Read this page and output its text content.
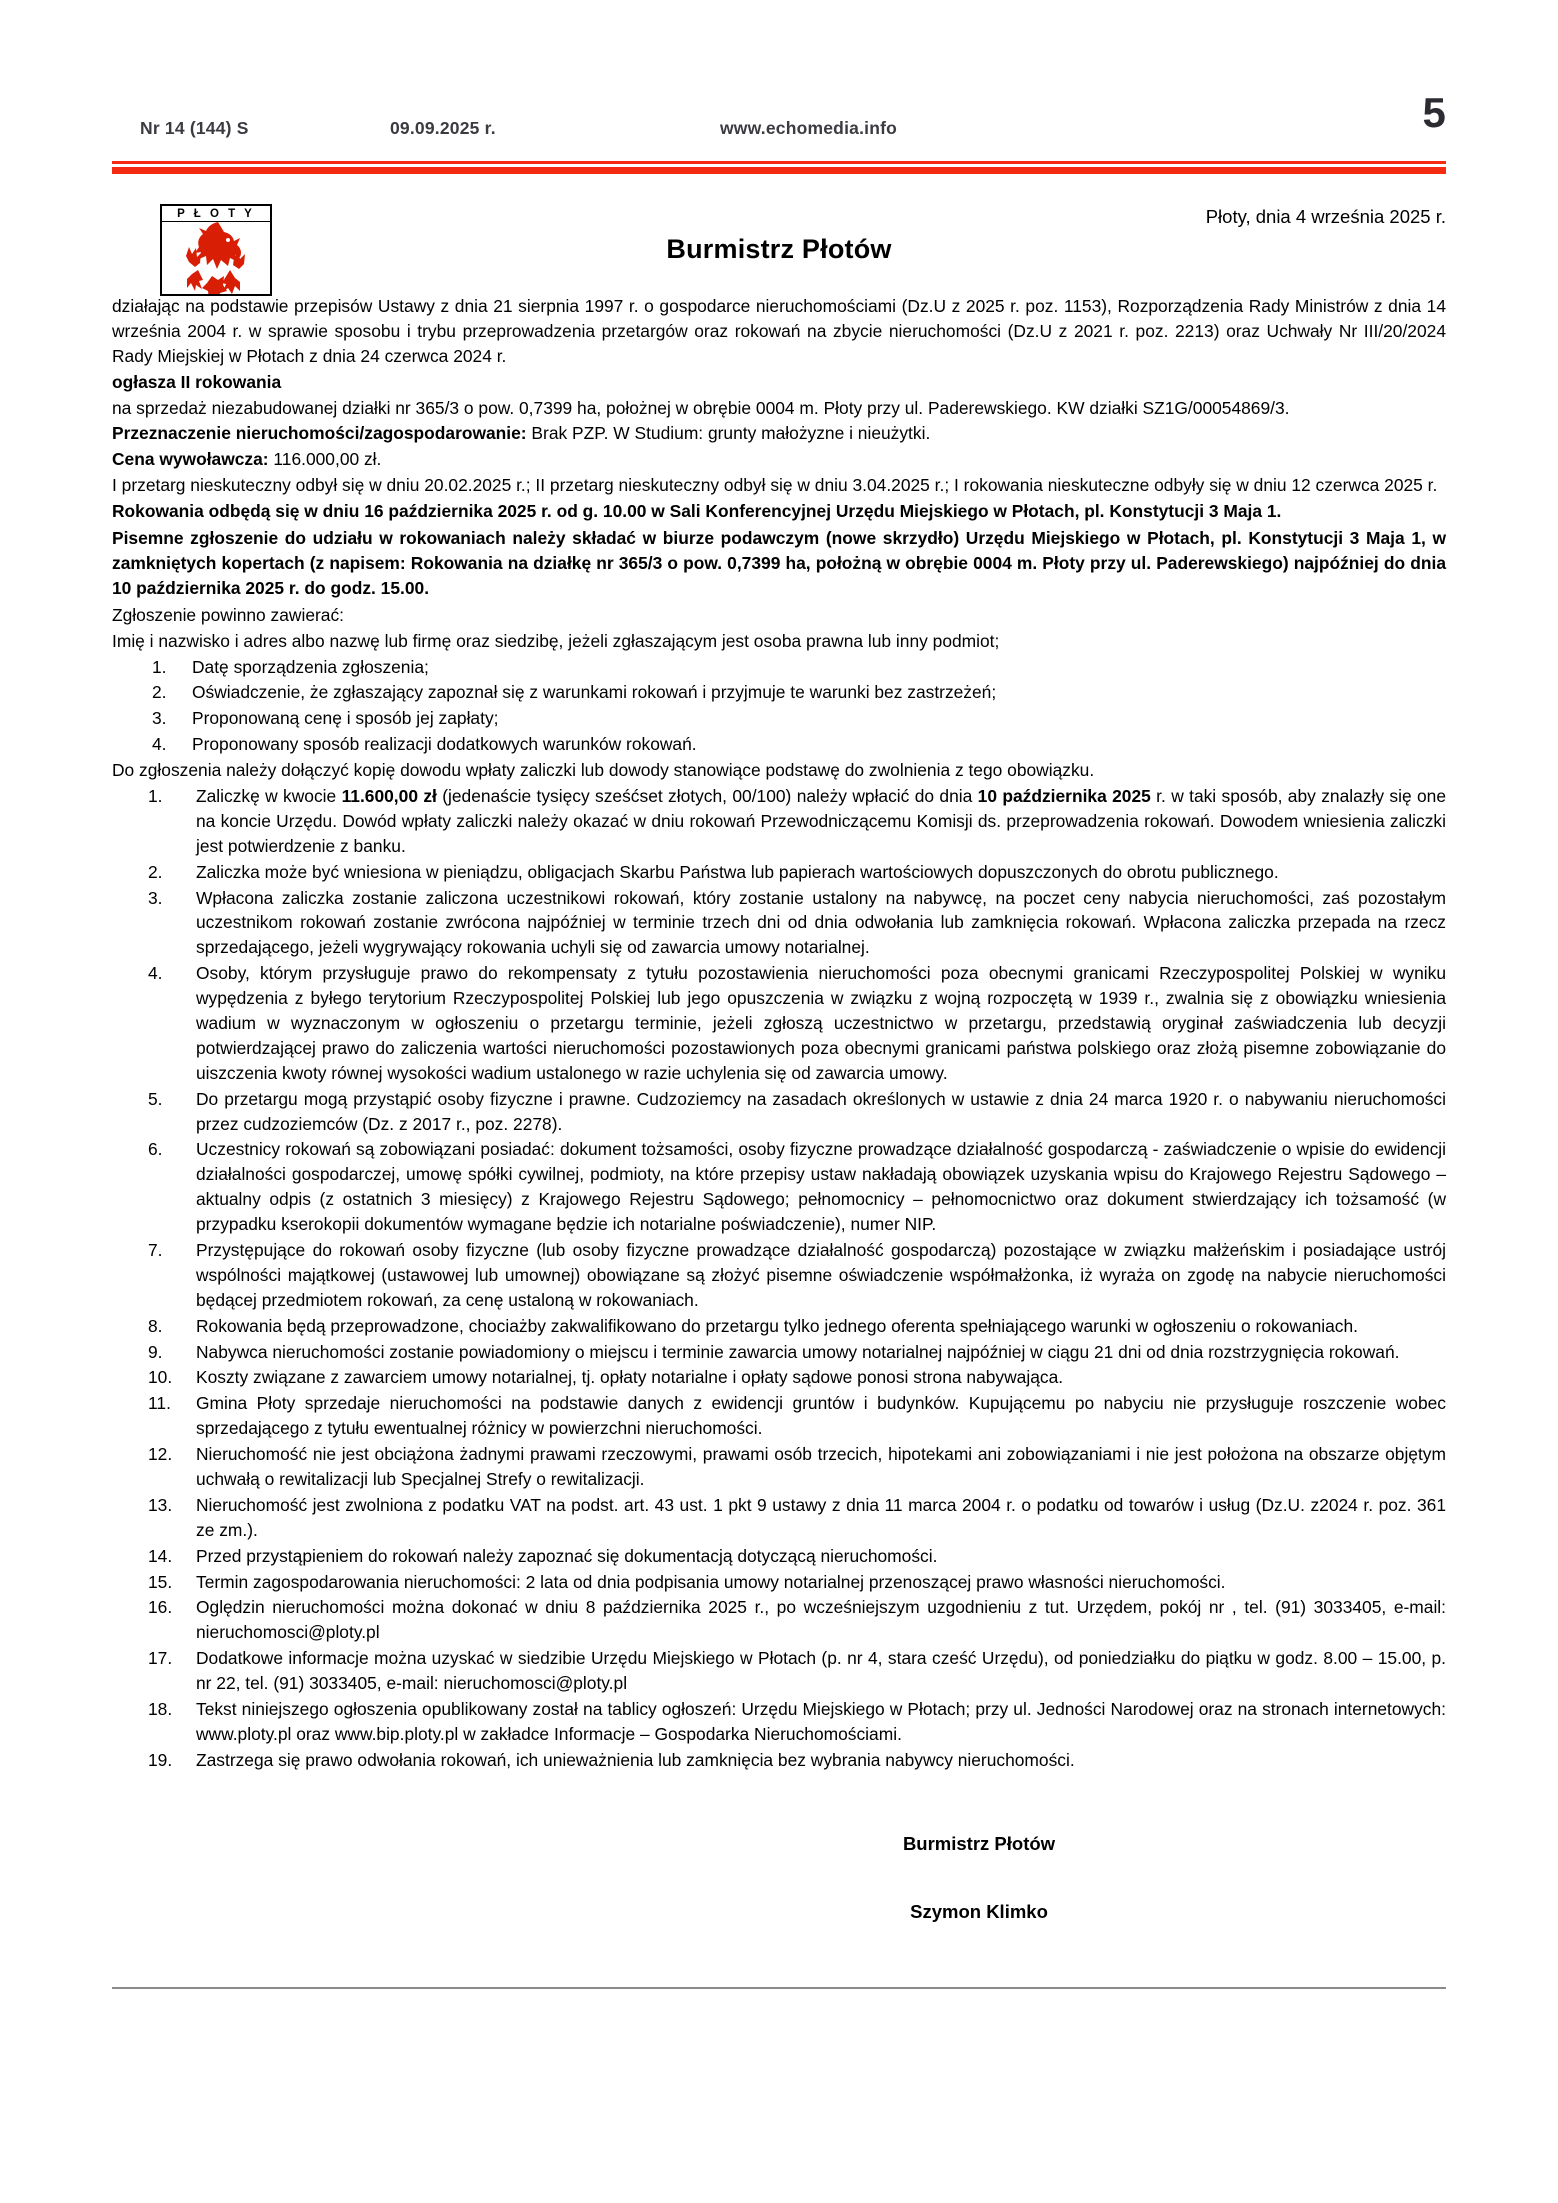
Nr 14 (144) S	09.09.2025 r.	www.echomedia.info	5
P Ł O T Y
Burmistrz Płotów
Płoty, dnia 4 września 2025 r.

działając na podstawie przepisów Ustawy z dnia 21 sierpnia 1997 r. o gospodarce nieruchomościami (Dz.U z 2025 r. poz. 1153), Rozporządzenia Rady Ministrów z dnia 14 września 2004 r. w sprawie sposobu i trybu przeprowadzenia przetargów oraz rokowań na zbycie nieruchomości (Dz.U z 2021 r. poz. 2213) oraz Uchwały Nr III/20/2024 Rady Miejskiej w Płotach z dnia 24 czerwca 2024 r.

ogłasza II rokowania

na sprzedaż niezabudowanej działki nr 365/3 o pow. 0,7399 ha, położnej w obrębie 0004 m. Płoty przy ul. Paderewskiego. KW działki SZ1G/00054869/3.

Przeznaczenie nieruchomości/zagospodarowanie: Brak PZP. W Studium: grunty małożyzne i nieużytki.

Cena wywoławcza: 116.000,00 zł.

I przetarg nieskuteczny odbył się w dniu 20.02.2025 r.; II przetarg nieskuteczny odbył się w dniu 3.04.2025 r.; I rokowania nieskuteczne odbyły się w dniu 12 czerwca 2025 r.

Rokowania odbędą się w dniu 16 października 2025 r. od g. 10.00 w Sali Konferencyjnej Urzędu Miejskiego w Płotach, pl. Konstytucji 3 Maja 1.

Pisemne zgłoszenie do udziału w rokowaniach należy składać w biurze podawczym (nowe skrzydło) Urzędu Miejskiego w Płotach, pl. Konstytucji 3 Maja 1, w zamkniętych kopertach (z napisem: Rokowania na działkę nr 365/3 o pow. 0,7399 ha, położną w obrębie 0004 m. Płoty przy ul. Paderewskiego) najpóźniej do dnia 10 października 2025 r. do godz. 15.00.

Zgłoszenie powinno zawierać:

Imię i nazwisko i adres albo nazwę lub firmę oraz siedzibę, jeżeli zgłaszającym jest osoba prawna lub inny podmiot;

Datę sporządzenia zgłoszenia;
Oświadczenie, że zgłaszający zapoznał się z warunkami rokowań i przyjmuje te warunki bez zastrzeżeń;
Proponowaną cenę i sposób jej zapłaty;
Proponowany sposób realizacji dodatkowych warunków rokowań.

Do zgłoszenia należy dołączyć kopię dowodu wpłaty zaliczki lub dowody stanowiące podstawę do zwolnienia z tego obowiązku.

Zaliczkę w kwocie 11.600,00 zł (jedenaście tysięcy sześćset złotych, 00/100) należy wpłacić do dnia 10 października 2025 r. w taki sposób, aby znalazły się one na koncie Urzędu. Dowód wpłaty zaliczki należy okazać w dniu rokowań Przewodniczącemu Komisji ds. przeprowadzenia rokowań. Dowodem wniesienia zaliczki jest potwierdzenie z banku.
Zaliczka może być wniesiona w pieniądzu, obligacjach Skarbu Państwa lub papierach wartościowych dopuszczonych do obrotu publicznego.
Wpłacona zaliczka zostanie zaliczona uczestnikowi rokowań, który zostanie ustalony na nabywcę, na poczet ceny nabycia nieruchomości, zaś pozostałym uczestnikom rokowań zostanie zwrócona najpóźniej w terminie trzech dni od dnia odwołania lub zamknięcia rokowań. Wpłacona zaliczka przepada na rzecz sprzedającego, jeżeli wygrywający rokowania uchyli się od zawarcia umowy notarialnej.
Osoby, którym przysługuje prawo do rekompensaty z tytułu pozostawienia nieruchomości poza obecnymi granicami Rzeczypospolitej Polskiej w wyniku wypędzenia z byłego terytorium Rzeczypospolitej Polskiej lub jego opuszczenia w związku z wojną rozpoczętą w 1939 r., zwalnia się z obowiązku wniesienia wadium w wyznaczonym w ogłoszeniu o przetargu terminie, jeżeli zgłoszą uczestnictwo w przetargu, przedstawią oryginał zaświadczenia lub decyzji potwierdzającej prawo do zaliczenia wartości nieruchomości pozostawionych poza obecnymi granicami państwa polskiego oraz złożą pisemne zobowiązanie do uiszczenia kwoty równej wysokości wadium ustalonego w razie uchylenia się od zawarcia umowy.
Do przetargu mogą przystąpić osoby fizyczne i prawne. Cudzoziemcy na zasadach określonych w ustawie z dnia 24 marca 1920 r. o nabywaniu nieruchomości przez cudzoziemców (Dz. z 2017 r., poz. 2278).
Uczestnicy rokowań są zobowiązani posiadać: dokument tożsamości, osoby fizyczne prowadzące działalność gospodarczą - zaświadczenie o wpisie do ewidencji działalności gospodarczej, umowę spółki cywilnej, podmioty, na które przepisy ustaw nakładają obowiązek uzyskania wpisu do Krajowego Rejestru Sądowego – aktualny odpis (z ostatnich 3 miesięcy) z Krajowego Rejestru Sądowego; pełnomocnicy – pełnomocnictwo oraz dokument stwierdzający ich tożsamość (w przypadku kserokopii dokumentów wymagane będzie ich notarialne poświadczenie), numer NIP.
Przystępujące do rokowań osoby fizyczne (lub osoby fizyczne prowadzące działalność gospodarczą) pozostające w związku małżeńskim i posiadające ustrój wspólności majątkowej (ustawowej lub umownej) obowiązane są złożyć pisemne oświadczenie współmałżonka, iż wyraża on zgodę na nabycie nieruchomości będącej przedmiotem rokowań, za cenę ustaloną w rokowaniach.
Rokowania będą przeprowadzone, chociażby zakwalifikowano do przetargu tylko jednego oferenta spełniającego warunki w ogłoszeniu o rokowaniach.
Nabywca nieruchomości zostanie powiadomiony o miejscu i terminie zawarcia umowy notarialnej najpóźniej w ciągu 21 dni od dnia rozstrzygnięcia rokowań.
Koszty związane z zawarciem umowy notarialnej, tj. opłaty notarialne i opłaty sądowe ponosi strona nabywająca.
Gmina Płoty sprzedaje nieruchomości na podstawie danych z ewidencji gruntów i budynków. Kupującemu po nabyciu nie przysługuje roszczenie wobec sprzedającego z tytułu ewentualnej różnicy w powierzchni nieruchomości.
Nieruchomość nie jest obciążona żadnymi prawami rzeczowymi, prawami osób trzecich, hipotekami ani zobowiązaniami i nie jest położona na obszarze objętym uchwałą o rewitalizacji lub Specjalnej Strefy o rewitalizacji.
Nieruchomość jest zwolniona z podatku VAT na podst. art. 43 ust. 1 pkt 9 ustawy z dnia 11 marca 2004 r. o podatku od towarów i usług (Dz.U. z2024 r. poz. 361 ze zm.).
Przed przystąpieniem do rokowań należy zapoznać się dokumentacją dotyczącą nieruchomości.
Termin zagospodarowania nieruchomości: 2 lata od dnia podpisania umowy notarialnej przenoszącej prawo własności nieruchomości.
Oględzin nieruchomości można dokonać w dniu 8 października 2025 r., po wcześniejszym uzgodnieniu z tut. Urzędem, pokój nr , tel. (91) 3033405, e-mail: nieruchomosci@ploty.pl
Dodatkowe informacje można uzyskać w siedzibie Urzędu Miejskiego w Płotach (p. nr 4, stara cześć Urzędu), od poniedziałku do piątku w godz. 8.00 – 15.00, p. nr 22, tel. (91) 3033405, e-mail: nieruchomosci@ploty.pl
Tekst niniejszego ogłoszenia opublikowany został na tablicy ogłoszeń: Urzędu Miejskiego w Płotach; przy ul. Jedności Narodowej oraz na stronach internetowych: www.ploty.pl oraz www.bip.ploty.pl w zakładce Informacje – Gospodarka Nieruchomościami.
Zastrzega się prawo odwołania rokowań, ich unieważnienia lub zamknięcia bez wybrania nabywcy nieruchomości.
Burmistrz Płotów
Szymon Klimko
